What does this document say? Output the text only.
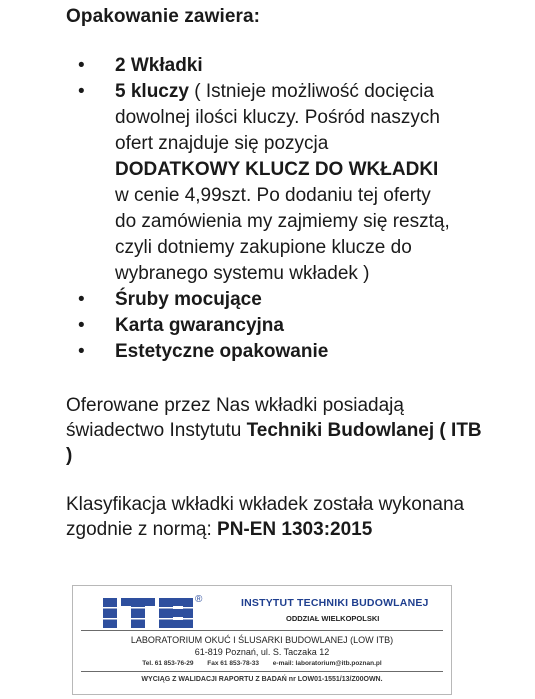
Opakowanie zawiera:
• 2 Wkładki
• 5 kluczy ( Istnieje możliwość docięcia dowolnej ilości kluczy. Pośród naszych ofert znajduje się pozycja DODATKOWY KLUCZ DO WKŁADKI w cenie 4,99szt. Po dodaniu tej oferty do zamówienia my zajmiemy się resztą, czyli dotniemy zakupione klucze do wybranego systemu wkładek )
• Śruby mocujące
• Karta gwarancyjna
• Estetyczne opakowanie
Oferowane przez Nas wkładki posiadają świadectwo Instytutu Techniki Budowlanej ( ITB )
Klasyfikacja wkładki wkładek została wykonana zgodnie z normą: PN-EN 1303:2015
®	INSTYTUT TECHNIKI BUDOWLANEJ
ODDZIAŁ WIELKOPOLSKI
LABORATORIUM OKUĆ I ŚLUSARKI BUDOWLANEJ (LOW ITB)
61-819 Poznań, ul. S. Taczaka 12
Tel. 61 853-76-29 Fax 61 853-78-33 e-mail: laboratorium@itb.poznan.pl
WYCIĄG Z WALIDACJI RAPORTU Z BADAŃ nr LOW01-1551/13/Z00OWN.
